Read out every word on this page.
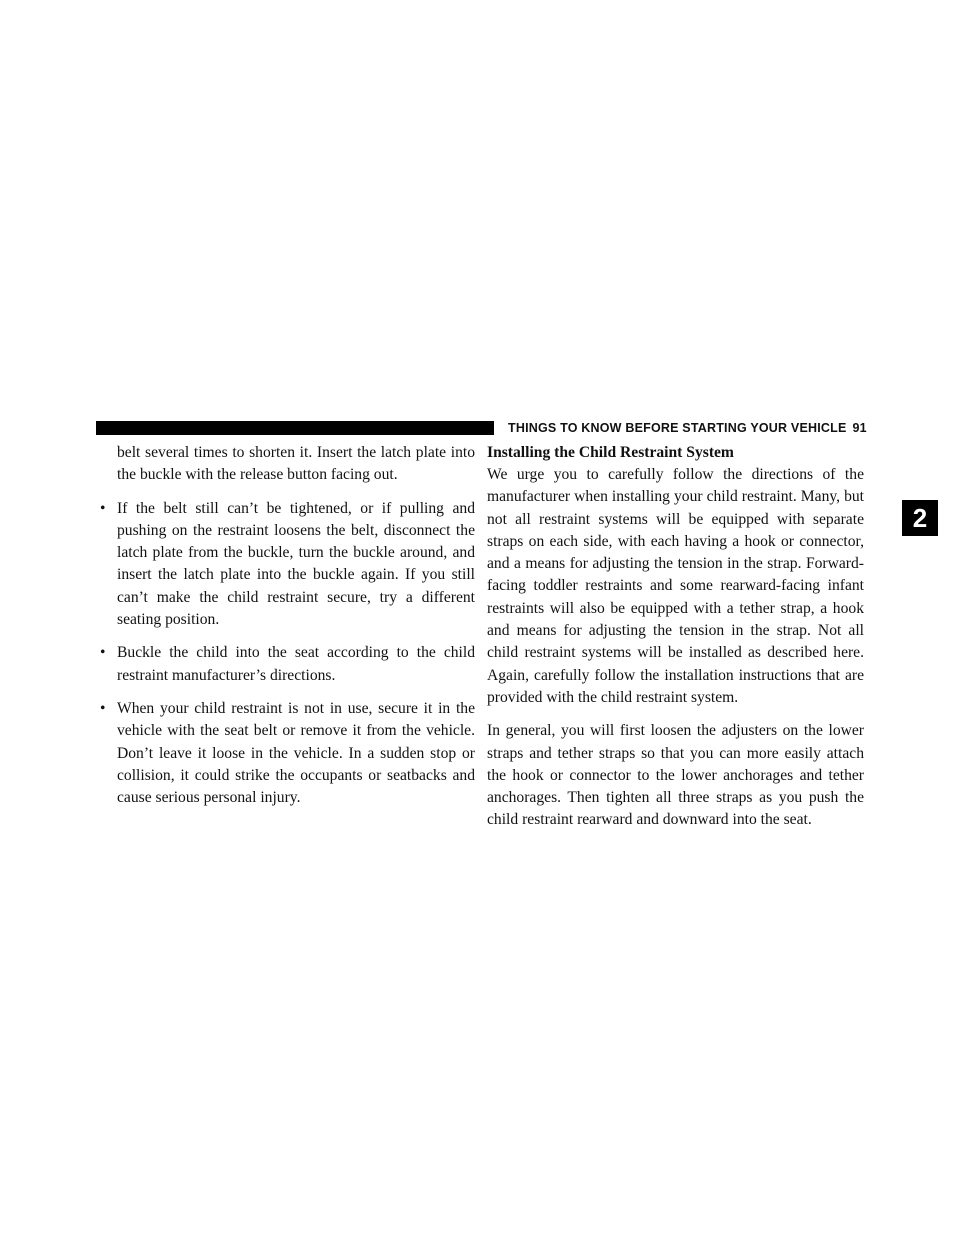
THINGS TO KNOW BEFORE STARTING YOUR VEHICLE 91
2

belt several times to shorten it. Insert the latch plate into the buckle with the release button facing out.

• If the belt still can’t be tightened, or if pulling and pushing on the restraint loosens the belt, disconnect the latch plate from the buckle, turn the buckle around, and insert the latch plate into the buckle again. If you still can’t make the child restraint secure, try a different seating position.

• Buckle the child into the seat according to the child restraint manufacturer’s directions.

• When your child restraint is not in use, secure it in the vehicle with the seat belt or remove it from the vehicle. Don’t leave it loose in the vehicle. In a sudden stop or collision, it could strike the occupants or seatbacks and cause serious personal injury.

Installing the Child Restraint System

We urge you to carefully follow the directions of the manufacturer when installing your child restraint. Many, but not all restraint systems will be equipped with separate straps on each side, with each having a hook or connector, and a means for adjusting the tension in the strap. Forward-facing toddler restraints and some rearward-facing infant restraints will also be equipped with a tether strap, a hook and means for adjusting the tension in the strap. Not all child restraint systems will be installed as described here. Again, carefully follow the installation instructions that are provided with the child restraint system.

In general, you will first loosen the adjusters on the lower straps and tether straps so that you can more easily attach the hook or connector to the lower anchorages and tether anchorages. Then tighten all three straps as you push the child restraint rearward and downward into the seat.
